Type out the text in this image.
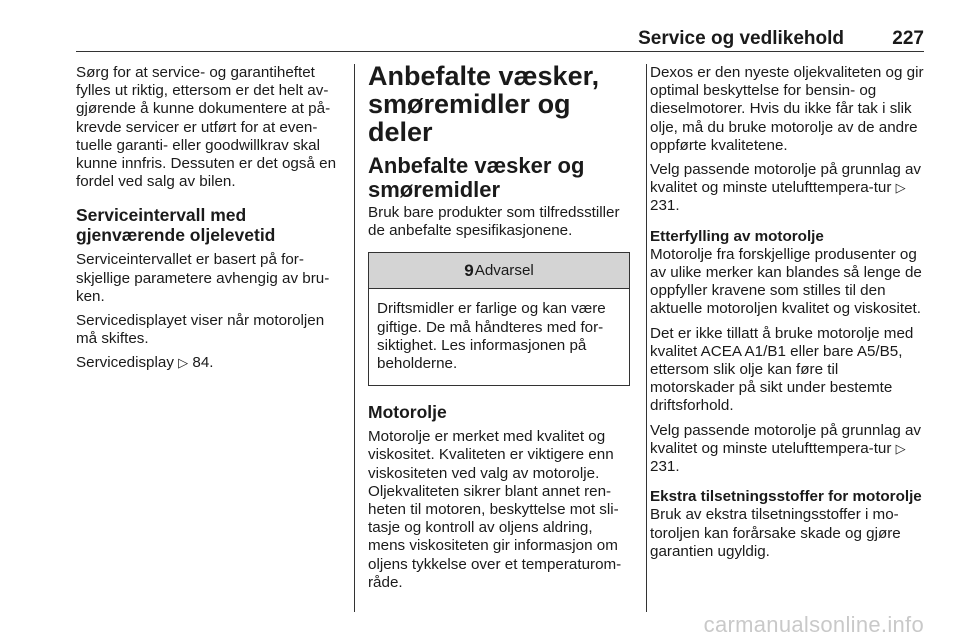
Service og vedlikehold	227

Sørg for at service- og garantiheftet fylles ut riktig, ettersom er det helt av-gjørende å kunne dokumentere at på-krevde servicer er utført for at even-tuelle garanti- eller goodwillkrav skal kunne innfris. Dessuten er det også en fordel ved salg av bilen.

Serviceintervall med gjenværende oljelevetid

Serviceintervallet er basert på for-skjellige parametere avhengig av bru-ken.

Servicedisplayet viser når motoroljen må skiftes.

Servicedisplay ▷ 84.

Anbefalte væsker, smøremidler og deler
Anbefalte væsker og smøremidler

Bruk bare produkter som tilfredsstiller de anbefalte spesifikasjonene.

9 Advarsel
Driftsmidler er farlige og kan være giftige. De må håndteres med for-siktighet. Les informasjonen på beholderne.
Motorolje

Motorolje er merket med kvalitet og viskositet. Kvaliteten er viktigere enn viskositeten ved valg av motorolje. Oljekvaliteten sikrer blant annet ren-heten til motoren, beskyttelse mot sli-tasje og kontroll av oljens aldring, mens viskositeten gir informasjon om oljens tykkelse over et temperaturom-råde.

Dexos er den nyeste oljekvaliteten og gir optimal beskyttelse for bensin- og dieselmotorer. Hvis du ikke får tak i slik olje, må du bruke motorolje av de andre oppførte kvalitetene.

Velg passende motorolje på grunnlag av kvalitet og minste utelufttempera-tur ▷ 231.

Etterfylling av motorolje

Motorolje fra forskjellige produsenter og av ulike merker kan blandes så lenge de oppfyller kravene som stilles til den aktuelle motoroljen kvalitet og viskositet.

Det er ikke tillatt å bruke motorolje med kvalitet ACEA A1/B1 eller bare A5/B5, ettersom slik olje kan føre til motorskader på sikt under bestemte driftsforhold.

Velg passende motorolje på grunnlag av kvalitet og minste utelufttempera-tur ▷ 231.

Ekstra tilsetningsstoffer for motorolje

Bruk av ekstra tilsetningsstoffer i mo-toroljen kan forårsake skade og gjøre garantien ugyldig.

carmanualsonline.info
